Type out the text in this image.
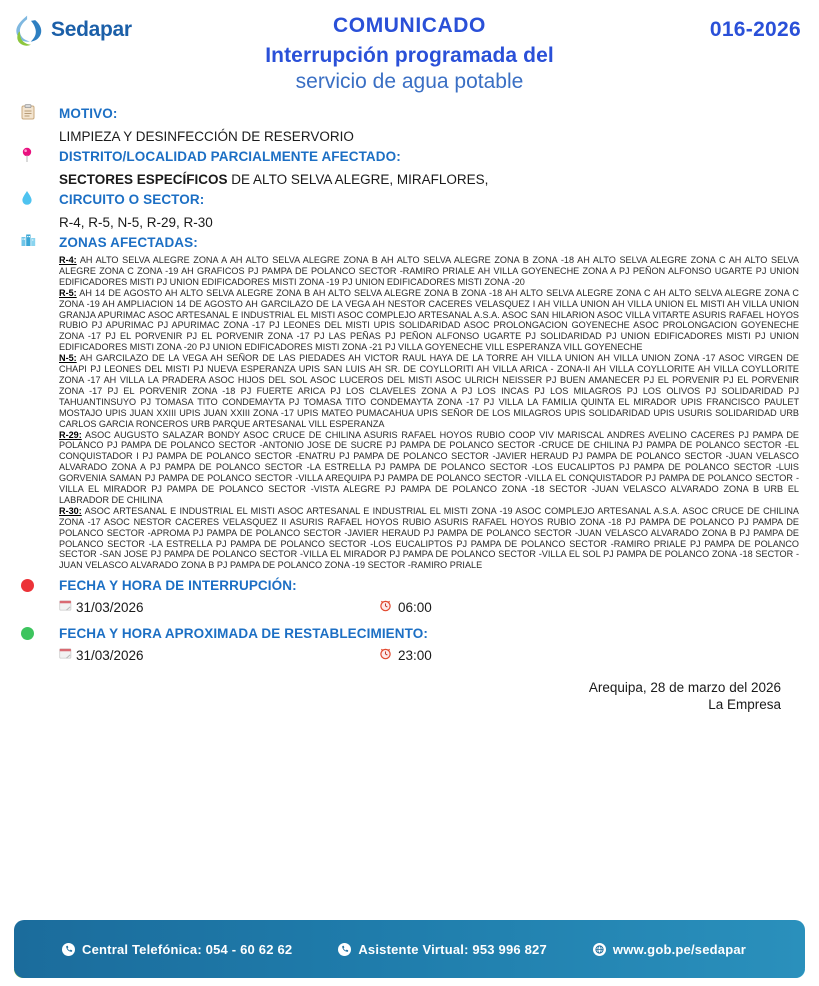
Sedapar	COMUNICADO
Interrupción programada del
servicio de agua potable
016-2026
MOTIVO:
LIMPIEZA Y DESINFECCIÓN DE RESERVORIO
DISTRITO/LOCALIDAD PARCIALMENTE AFECTADO:
SECTORES ESPECÍFICOS DE ALTO SELVA ALEGRE, MIRAFLORES,
CIRCUITO O SECTOR:
R-4, R-5, N-5, R-29, R-30
ZONAS AFECTADAS:

R-4: AH ALTO SELVA ALEGRE ZONA A AH ALTO SELVA ALEGRE ZONA B AH ALTO SELVA ALEGRE ZONA B ZONA -18 AH ALTO SELVA ALEGRE ZONA C AH ALTO SELVA ALEGRE ZONA C ZONA -19 AH GRAFICOS PJ PAMPA DE POLANCO SECTOR -RAMIRO PRIALE AH VILLA GOYENECHE ZONA A PJ PEÑON ALFONSO UGARTE PJ UNION EDIFICADORES MISTI PJ UNION EDIFICADORES MISTI ZONA -19 PJ UNION EDIFICADORES MISTI ZONA -20

R-5: AH 14 DE AGOSTO AH ALTO SELVA ALEGRE ZONA B AH ALTO SELVA ALEGRE ZONA B ZONA -18 AH ALTO SELVA ALEGRE ZONA C AH ALTO SELVA ALEGRE ZONA C ZONA -19 AH AMPLIACION 14 DE AGOSTO AH GARCILAZO DE LA VEGA AH NESTOR CACERES VELASQUEZ I AH VILLA UNION AH VILLA UNION EL MISTI AH VILLA UNION GRANJA APURIMAC ASOC ARTESANAL E INDUSTRIAL EL MISTI ASOC COMPLEJO ARTESANAL A.S.A. ASOC SAN HILARION ASOC VILLA VITARTE ASURIS RAFAEL HOYOS RUBIO PJ APURIMAC PJ APURIMAC ZONA -17 PJ LEONES DEL MISTI UPIS SOLIDARIDAD ASOC PROLONGACION GOYENECHE ASOC PROLONGACION GOYENECHE ZONA -17 PJ EL PORVENIR PJ EL PORVENIR ZONA -17 PJ LAS PEÑAS PJ PEÑON ALFONSO UGARTE PJ SOLIDARIDAD PJ UNION EDIFICADORES MISTI PJ UNION EDIFICADORES MISTI ZONA -20 PJ UNION EDIFICADORES MISTI ZONA -21 PJ VILLA GOYENECHE VILL ESPERANZA VILL GOYENECHE

N-5: AH GARCILAZO DE LA VEGA AH SEÑOR DE LAS PIEDADES AH VICTOR RAUL HAYA DE LA TORRE AH VILLA UNION AH VILLA UNION ZONA -17 ASOC VIRGEN DE CHAPI PJ LEONES DEL MISTI PJ NUEVA ESPERANZA UPIS SAN LUIS AH SR. DE COYLLORITI AH VILLA ARICA - ZONA-II AH VILLA COYLLORITE AH VILLA COYLLORITE ZONA -17 AH VILLA LA PRADERA ASOC HIJOS DEL SOL ASOC LUCEROS DEL MISTI ASOC ULRICH NEISSER PJ BUEN AMANECER PJ EL PORVENIR PJ EL PORVENIR ZONA -17 PJ EL PORVENIR ZONA -18 PJ FUERTE ARICA PJ LOS CLAVELES ZONA A PJ LOS INCAS PJ LOS MILAGROS PJ LOS OLIVOS PJ SOLIDARIDAD PJ TAHUANTINSUYO PJ TOMASA TITO CONDEMAYTA PJ TOMASA TITO CONDEMAYTA ZONA -17 PJ VILLA LA FAMILIA QUINTA EL MIRADOR UPIS FRANCISCO PAULET MOSTAJO UPIS JUAN XXIII UPIS JUAN XXIII ZONA -17 UPIS MATEO PUMACAHUA UPIS SEÑOR DE LOS MILAGROS UPIS SOLIDARIDAD UPIS USURIS SOLIDARIDAD URB CARLOS GARCIA RONCEROS URB PARQUE ARTESANAL VILL ESPERANZA

R-29: ASOC AUGUSTO SALAZAR BONDY ASOC CRUCE DE CHILINA ASURIS RAFAEL HOYOS RUBIO COOP VIV MARISCAL ANDRES AVELINO CACERES PJ PAMPA DE POLANCO PJ PAMPA DE POLANCO SECTOR -ANTONIO JOSE DE SUCRE PJ PAMPA DE POLANCO SECTOR -CRUCE DE CHILINA PJ PAMPA DE POLANCO SECTOR -EL CONQUISTADOR I PJ PAMPA DE POLANCO SECTOR -ENATRU PJ PAMPA DE POLANCO SECTOR -JAVIER HERAUD PJ PAMPA DE POLANCO SECTOR -JUAN VELASCO ALVARADO ZONA A PJ PAMPA DE POLANCO SECTOR -LA ESTRELLA PJ PAMPA DE POLANCO SECTOR -LOS EUCALIPTOS PJ PAMPA DE POLANCO SECTOR -LUIS GORVENIA SAMAN PJ PAMPA DE POLANCO SECTOR -VILLA AREQUIPA PJ PAMPA DE POLANCO SECTOR -VILLA EL CONQUISTADOR PJ PAMPA DE POLANCO SECTOR -VILLA EL MIRADOR PJ PAMPA DE POLANCO SECTOR -VISTA ALEGRE PJ PAMPA DE POLANCO ZONA -18 SECTOR -JUAN VELASCO ALVARADO ZONA B URB EL LABRADOR DE CHILINA

R-30: ASOC ARTESANAL E INDUSTRIAL EL MISTI ASOC ARTESANAL E INDUSTRIAL EL MISTI ZONA -19 ASOC COMPLEJO ARTESANAL A.S.A. ASOC CRUCE DE CHILINA ZONA -17 ASOC NESTOR CACERES VELASQUEZ II ASURIS RAFAEL HOYOS RUBIO ASURIS RAFAEL HOYOS RUBIO ZONA -18 PJ PAMPA DE POLANCO PJ PAMPA DE POLANCO SECTOR -APROMA PJ PAMPA DE POLANCO SECTOR -JAVIER HERAUD PJ PAMPA DE POLANCO SECTOR -JUAN VELASCO ALVARADO ZONA B PJ PAMPA DE POLANCO SECTOR -LA ESTRELLA PJ PAMPA DE POLANCO SECTOR -LOS EUCALIPTOS PJ PAMPA DE POLANCO SECTOR -RAMIRO PRIALE PJ PAMPA DE POLANCO SECTOR -SAN JOSE PJ PAMPA DE POLANCO SECTOR -VILLA EL MIRADOR PJ PAMPA DE POLANCO SECTOR -VILLA EL SOL PJ PAMPA DE POLANCO ZONA -18 SECTOR -JUAN VELASCO ALVARADO ZONA B PJ PAMPA DE POLANCO ZONA -19 SECTOR -RAMIRO PRIALE

FECHA Y HORA DE INTERRUPCIÓN:
31/03/2026	06:00
FECHA Y HORA APROXIMADA DE RESTABLECIMIENTO:
31/03/2026	23:00
Arequipa, 28 de marzo del 2026
La Empresa
Central Telefónica: 054 - 60 62 62	Asistente Virtual: 953 996 827	www.gob.pe/sedapar
